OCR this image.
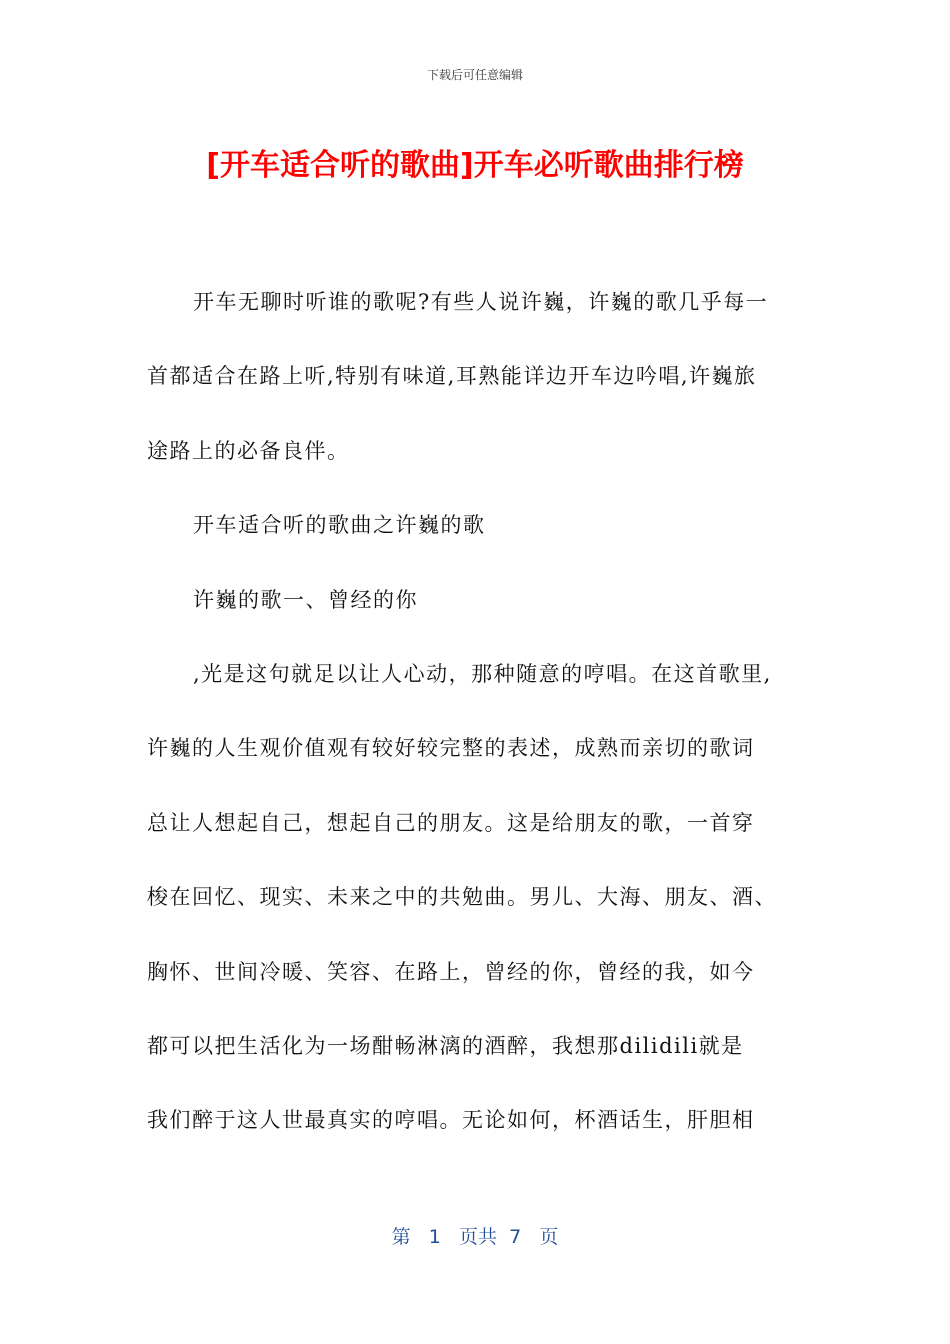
下载后可任意编辑
[开车适合听的歌曲]开车必听歌曲排行榜
开车无聊时听谁的歌呢?有些人说许巍，许巍的歌几乎每一
首都适合在路上听,特别有味道,耳熟能详边开车边吟唱,许巍旅
途路上的必备良伴。
开车适合听的歌曲之许巍的歌
许巍的歌一、曾经的你
,光是这句就足以让人心动，那种随意的哼唱。在这首歌里,
许巍的人生观价值观有较好较完整的表述，成熟而亲切的歌词
总让人想起自己，想起自己的朋友。这是给朋友的歌，一首穿
梭在回忆、现实、未来之中的共勉曲。男儿、大海、朋友、酒、
胸怀、世间冷暖、笑容、在路上，曾经的你，曾经的我，如今
都可以把生活化为一场酣畅淋漓的酒醉，我想那dilidili就是
我们醉于这人世最真实的哼唱。无论如何，杯酒话生，肝胆相
第 1 页共 7 页
